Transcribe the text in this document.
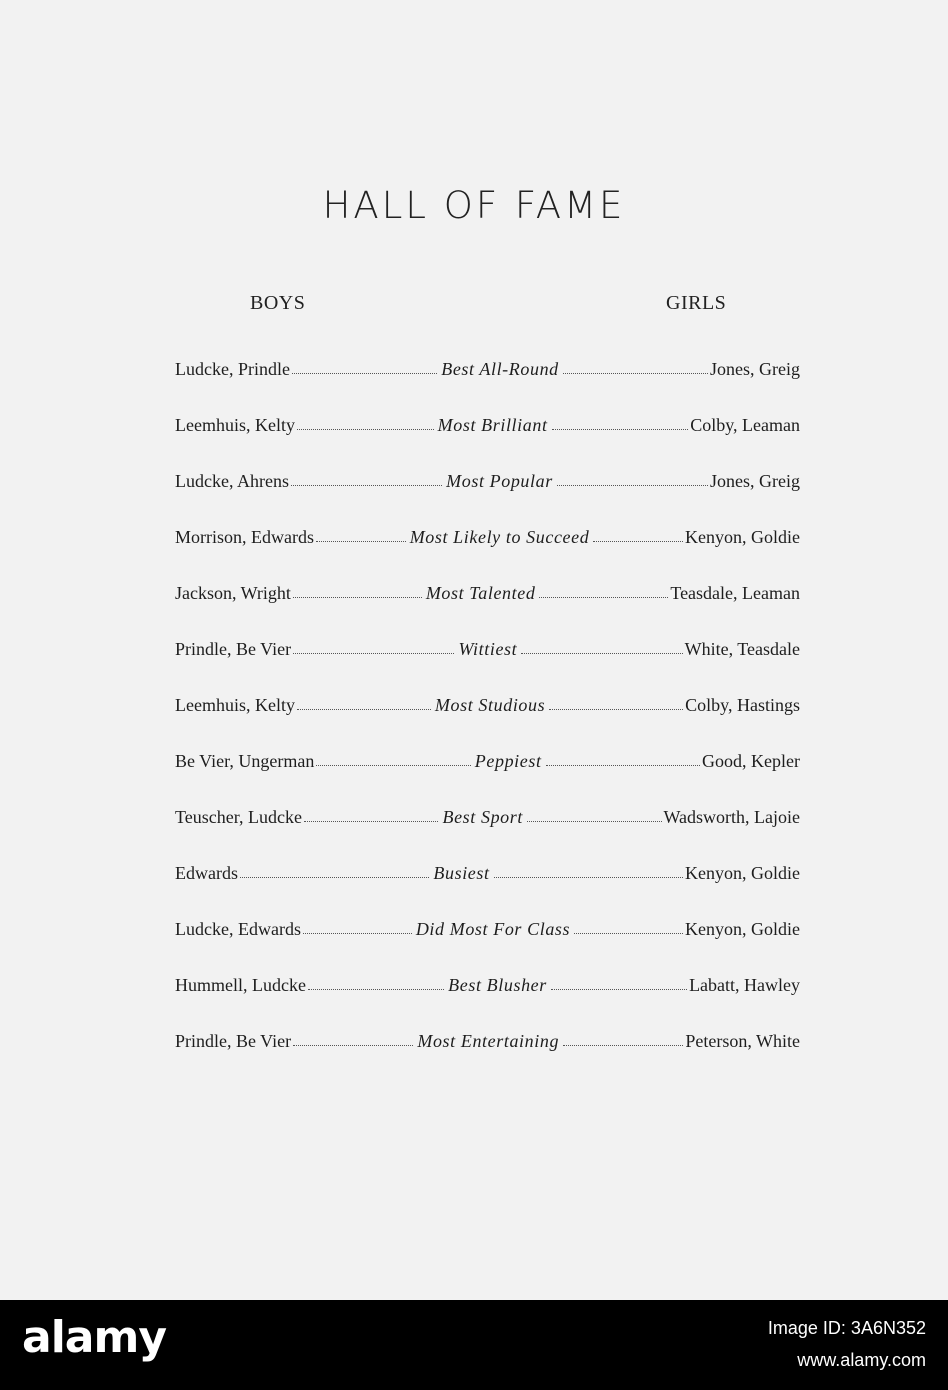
HALL OF FAME
BOYS	GIRLS
Ludcke, Prindle	Best All-Round	Jones, Greig
Leemhuis, Kelty	Most Brilliant	Colby, Leaman
Ludcke, Ahrens	Most Popular	Jones, Greig
Morrison, Edwards	Most Likely to Succeed	Kenyon, Goldie
Jackson, Wright	Most Talented	Teasdale, Leaman
Prindle, Be Vier	Wittiest	White, Teasdale
Leemhuis, Kelty	Most Studious	Colby, Hastings
Be Vier, Ungerman	Peppiest	Good, Kepler
Teuscher, Ludcke	Best Sport	Wadsworth, Lajoie
Edwards	Busiest	Kenyon, Goldie
Ludcke, Edwards	Did Most For Class	Kenyon, Goldie
Hummell, Ludcke	Best Blusher	Labatt, Hawley
Prindle, Be Vier	Most Entertaining	Peterson, White
alamy	Image ID: 3A6N352
www.alamy.com
